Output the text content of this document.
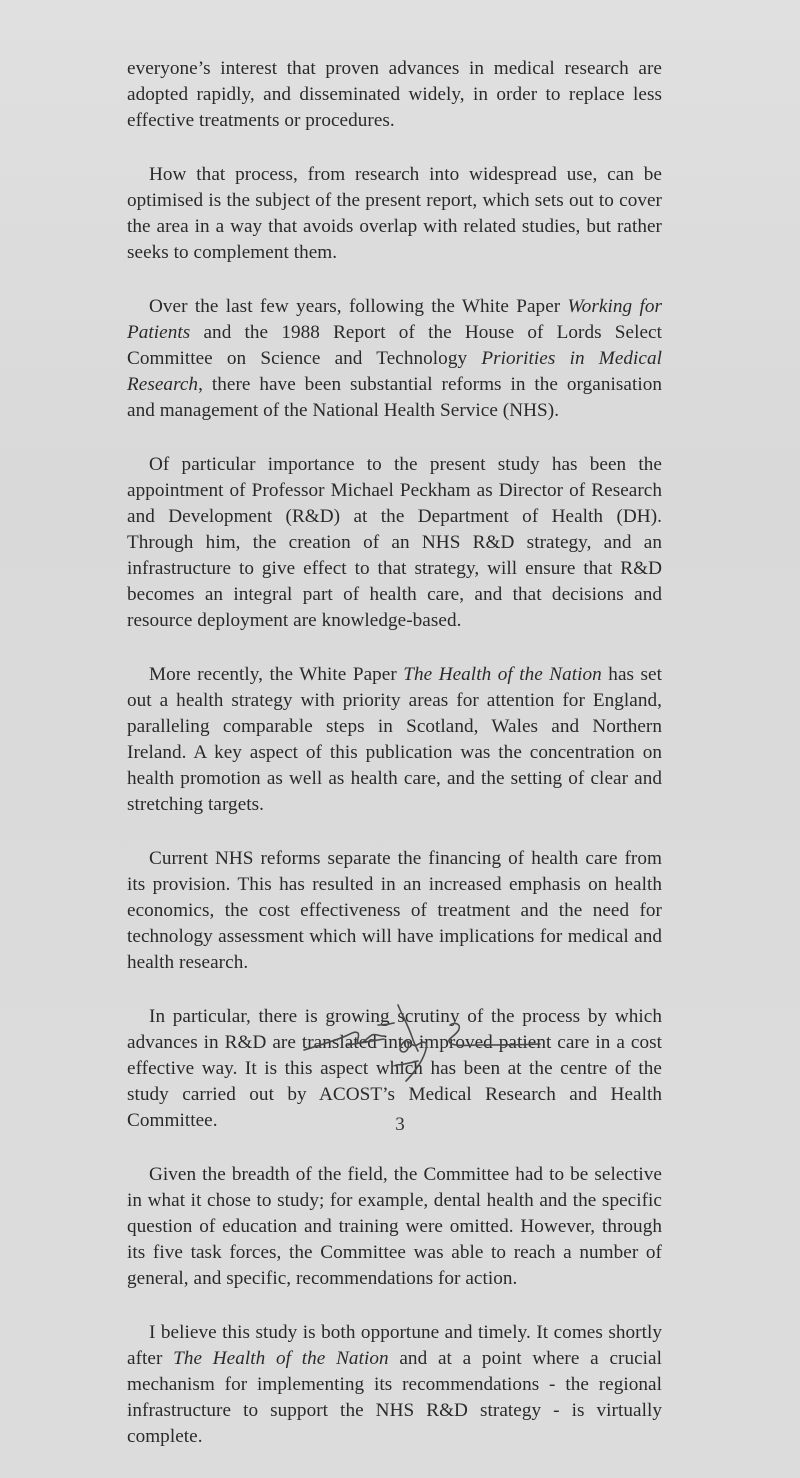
everyone’s interest that proven advances in medical research are adopted rapidly, and disseminated widely, in order to replace less effective treatments or procedures.

How that process, from research into widespread use, can be optimised is the subject of the present report, which sets out to cover the area in a way that avoids overlap with related studies, but rather seeks to complement them.

Over the last few years, following the White Paper Working for Patients and the 1988 Report of the House of Lords Select Committee on Science and Technology Priorities in Medical Research, there have been substantial reforms in the organisation and management of the National Health Service (NHS).

Of particular importance to the present study has been the appointment of Professor Michael Peckham as Director of Research and Development (R&D) at the Department of Health (DH). Through him, the creation of an NHS R&D strategy, and an infrastructure to give effect to that strategy, will ensure that R&D becomes an integral part of health care, and that decisions and resource deployment are knowledge-based.

More recently, the White Paper The Health of the Nation has set out a health strategy with priority areas for attention for England, paralleling comparable steps in Scotland, Wales and Northern Ireland. A key aspect of this publication was the concentration on health promotion as well as health care, and the setting of clear and stretching targets.

Current NHS reforms separate the financing of health care from its provision. This has resulted in an increased emphasis on health economics, the cost effectiveness of treatment and the need for technology assessment which will have implications for medical and health research.

In particular, there is growing scrutiny of the process by which advances in R&D are translated into improved patient care in a cost effective way. It is this aspect which has been at the centre of the study carried out by ACOST’s Medical Research and Health Committee.

Given the breadth of the field, the Committee had to be selective in what it chose to study; for example, dental health and the specific question of education and training were omitted. However, through its five task forces, the Committee was able to reach a number of general, and specific, recommendations for action.

I believe this study is both opportune and timely. It comes shortly after The Health of the Nation and at a point where a crucial mechanism for implementing its recommendations - the regional infrastructure to support the NHS R&D strategy - is virtually complete.

3
